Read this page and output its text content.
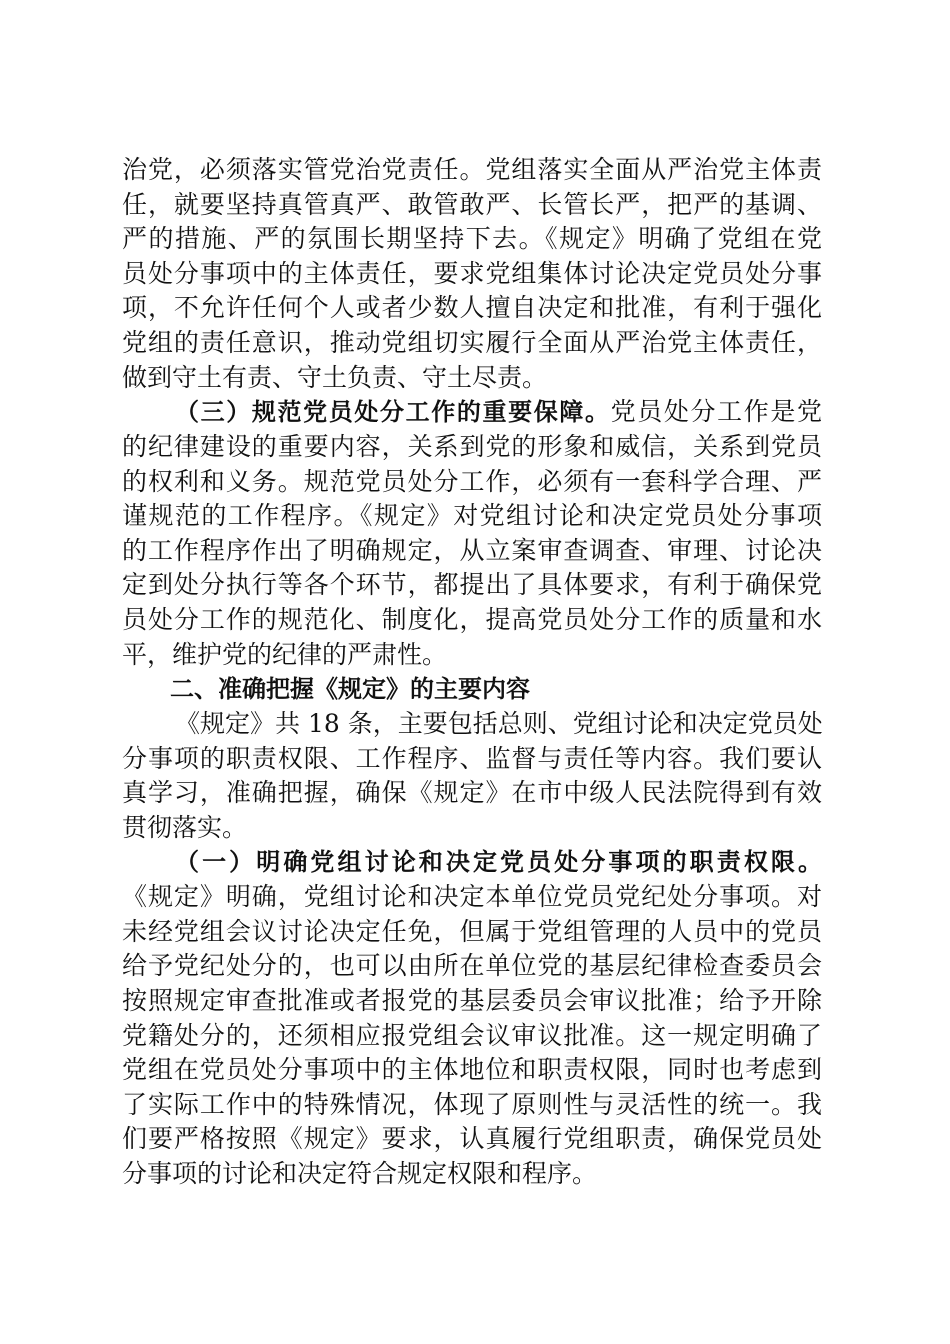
治党，必须落实管党治党责任。党组落实全面从严治党主体责
任，就要坚持真管真严、敢管敢严、长管长严，把严的基调、
严的措施、严的氛围长期坚持下去。《规定》明确了党组在党
员处分事项中的主体责任，要求党组集体讨论决定党员处分事
项，不允许任何个人或者少数人擅自决定和批准，有利于强化
党组的责任意识，推动党组切实履行全面从严治党主体责任，
做到守土有责、守土负责、守土尽责。
（三）规范党员处分工作的重要保障。党员处分工作是党
的纪律建设的重要内容，关系到党的形象和威信，关系到党员
的权利和义务。规范党员处分工作，必须有一套科学合理、严
谨规范的工作程序。《规定》对党组讨论和决定党员处分事项
的工作程序作出了明确规定，从立案审查调查、审理、讨论决
定到处分执行等各个环节，都提出了具体要求，有利于确保党
员处分工作的规范化、制度化，提高党员处分工作的质量和水
平，维护党的纪律的严肃性。
二、准确把握《规定》的主要内容
《规定》共 18 条，主要包括总则、党组讨论和决定党员处
分事项的职责权限、工作程序、监督与责任等内容。我们要认
真学习，准确把握，确保《规定》在市中级人民法院得到有效
贯彻落实。
（一）明确党组讨论和决定党员处分事项的职责权限。
《规定》明确，党组讨论和决定本单位党员党纪处分事项。对
未经党组会议讨论决定任免，但属于党组管理的人员中的党员
给予党纪处分的，也可以由所在单位党的基层纪律检查委员会
按照规定审查批准或者报党的基层委员会审议批准；给予开除
党籍处分的，还须相应报党组会议审议批准。这一规定明确了
党组在党员处分事项中的主体地位和职责权限，同时也考虑到
了实际工作中的特殊情况，体现了原则性与灵活性的统一。我
们要严格按照《规定》要求，认真履行党组职责，确保党员处
分事项的讨论和决定符合规定权限和程序。
